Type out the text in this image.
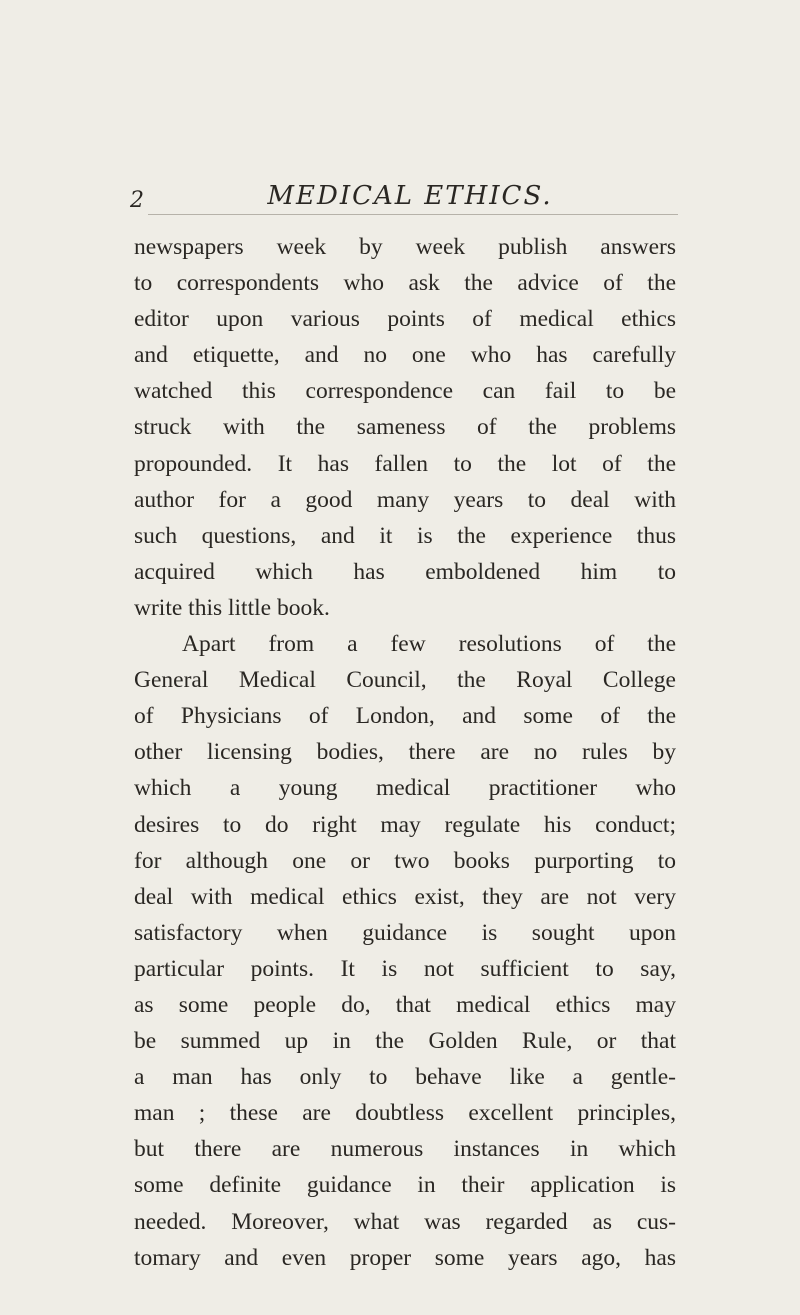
2	MEDICAL ETHICS.
newspapers week by week publish answers
to correspondents who ask the advice of the
editor upon various points of medical ethics
and etiquette, and no one who has carefully
watched this correspondence can fail to be
struck with the sameness of the problems
propounded. It has fallen to the lot of the
author for a good many years to deal with
such questions, and it is the experience thus
acquired which has emboldened him to
write this little book.
Apart from a few resolutions of the
General Medical Council, the Royal College
of Physicians of London, and some of the
other licensing bodies, there are no rules by
which a young medical practitioner who
desires to do right may regulate his conduct;
for although one or two books purporting to
deal with medical ethics exist, they are not very
satisfactory when guidance is sought upon
particular points. It is not sufficient to say,
as some people do, that medical ethics may
be summed up in the Golden Rule, or that
a man has only to behave like a gentle-
man ; these are doubtless excellent principles,
but there are numerous instances in which
some definite guidance in their application is
needed. Moreover, what was regarded as cus-
tomary and even proper some years ago, has
